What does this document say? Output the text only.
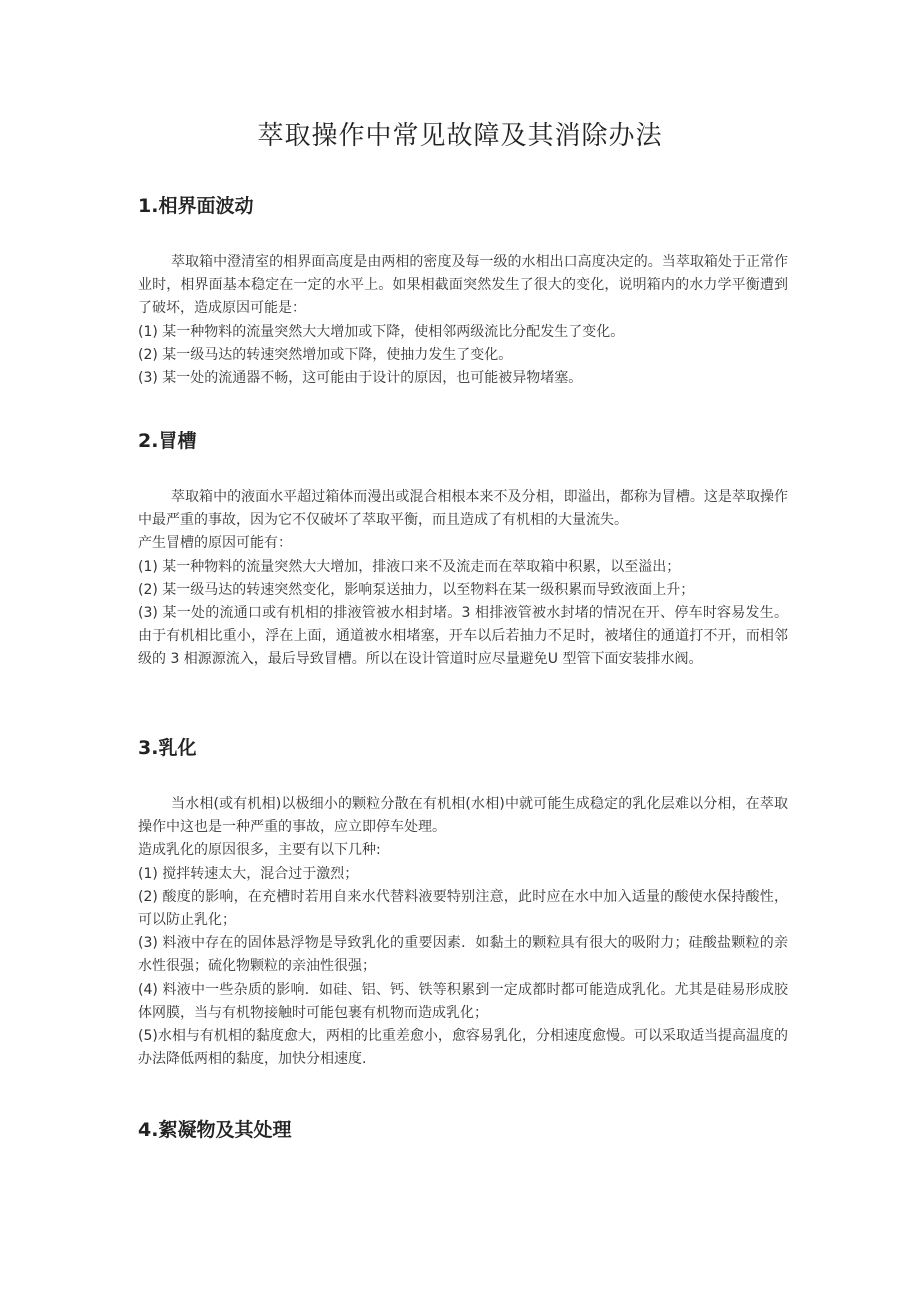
萃取操作中常见故障及其消除办法
1.相界面波动

萃取箱中澄清室的相界面高度是由两相的密度及每一级的水相出口高度决定的。当萃取箱处于正常作业时，相界面基本稳定在一定的水平上。如果相截面突然发生了很大的变化，说明箱内的水力学平衡遭到了破坏，造成原因可能是：

(1) 某一种物料的流量突然大大增加或下降，使相邻两级流比分配发生了变化。

(2) 某一级马达的转速突然增加或下降，使抽力发生了变化。

(3) 某一处的流通器不畅，这可能由于设计的原因，也可能被异物堵塞。

2.冒槽

萃取箱中的液面水平超过箱体而漫出或混合相根本来不及分相，即溢出，都称为冒槽。这是萃取操作中最严重的事故，因为它不仅破坏了萃取平衡，而且造成了有机相的大量流失。

产生冒槽的原因可能有：

(1) 某一种物料的流量突然大大增加，排液口来不及流走而在萃取箱中积累，以至溢出；

(2) 某一级马达的转速突然变化，影响泵送抽力，以至物料在某一级积累而导致液面上升；

(3) 某一处的流通口或有机相的排液管被水相封堵。3 相排液管被水封堵的情况在开、停车时容易发生。由于有机相比重小，浮在上面，通道被水相堵塞，开车以后若抽力不足时，被堵住的通道打不开，而相邻级的 3 相源源流入，最后导致冒槽。所以在设计管道时应尽量避免U 型管下面安装排水阀。

3.乳化

当水相(或有机相)以极细小的颗粒分散在有机相(水相)中就可能生成稳定的乳化层难以分相，在萃取操作中这也是一种严重的事故，应立即停车处理。

造成乳化的原因很多，主要有以下几种:

(1) 搅拌转速太大，混合过于激烈；

(2) 酸度的影响，在充槽时若用自来水代替料液要特别注意，此时应在水中加入适量的酸使水保持酸性，可以防止乳化；

(3) 料液中存在的固体悬浮物是导致乳化的重要因素．如黏土的颗粒具有很大的吸附力；硅酸盐颗粒的亲水性很强；硫化物颗粒的亲油性很强；

(4) 料液中一些杂质的影响．如硅、铝、钙、铁等积累到一定成都时都可能造成乳化。尤其是硅易形成胶体网膜，当与有机物接触时可能包裹有机物而造成乳化；

(5)水相与有机相的黏度愈大，两相的比重差愈小，愈容易乳化，分相速度愈慢。可以采取适当提高温度的办法降低两相的黏度，加快分相速度.

4.絮凝物及其处理
